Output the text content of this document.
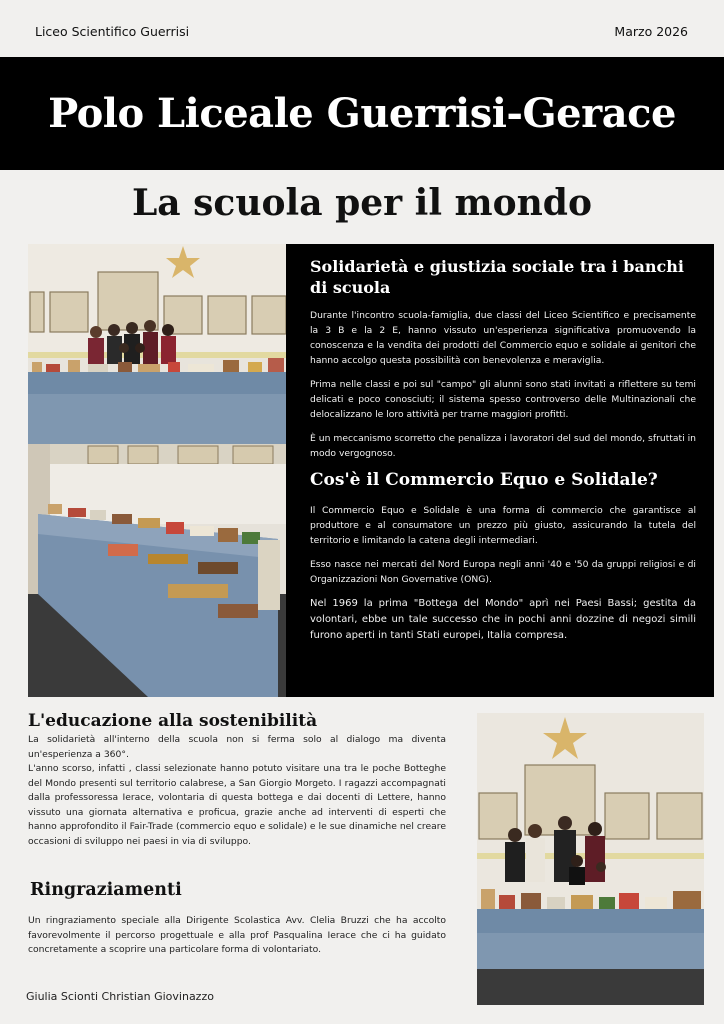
Liceo Scientifico Guerrisi	Marzo 2026
Polo Liceale Guerrisi-Gerace
La scuola per il mondo
Solidarietà e giustizia sociale tra i banchi di scuola

Durante l'incontro scuola-famiglia, due classi del Liceo Scientifico e precisamente la 3 B e la 2 E, hanno vissuto un'esperienza significativa promuovendo la conoscenza e la vendita dei prodotti del Commercio equo e solidale ai genitori che hanno accolgo questa possibilità con benevolenza e meraviglia.

Prima nelle classi e poi sul "campo" gli alunni sono stati invitati a riflettere su temi delicati e poco conosciuti; il sistema spesso controverso delle Multinazionali che delocalizzano le loro attività per trarne maggiori profitti.

È un meccanismo scorretto che penalizza i lavoratori del sud del mondo, sfruttati in modo vergognoso.

Cos'è il Commercio Equo e Solidale?

Il Commercio Equo e Solidale è una forma di commercio che garantisce al produttore e al consumatore un prezzo più giusto, assicurando la tutela del territorio e limitando la catena degli intermediari.

Esso nasce nei mercati del Nord Europa negli anni '40 e '50 da gruppi religiosi e di Organizzazioni Non Governative (ONG).

Nel 1969 la prima "Bottega del Mondo" aprì nei Paesi Bassi; gestita da volontari, ebbe un tale successo che in pochi anni dozzine di negozi simili furono aperti in tanti Stati europei, Italia compresa.

L'educazione alla sostenibilità

La solidarietà all'interno della scuola non si ferma solo al dialogo ma diventa un'esperienza a 360°.

L'anno scorso, infatti , classi selezionate hanno potuto visitare una tra le poche Botteghe del Mondo presenti sul territorio calabrese, a San Giorgio Morgeto. I ragazzi accompagnati dalla professoressa Ierace, volontaria di questa bottega e dai docenti di Lettere, hanno vissuto una giornata alternativa e proficua, grazie anche ad interventi di esperti che hanno approfondito il Fair-Trade (commercio equo e solidale) e le sue dinamiche nel creare occasioni di sviluppo nei paesi in via di sviluppo.

Ringraziamenti

Un ringraziamento speciale alla Dirigente Scolastica Avv. Clelia Bruzzi che ha accolto favorevolmente il percorso progettuale e alla prof Pasqualina Ierace che ci ha guidato concretamente a scoprire una particolare forma di volontariato.

Giulia Scionti Christian Giovinazzo
